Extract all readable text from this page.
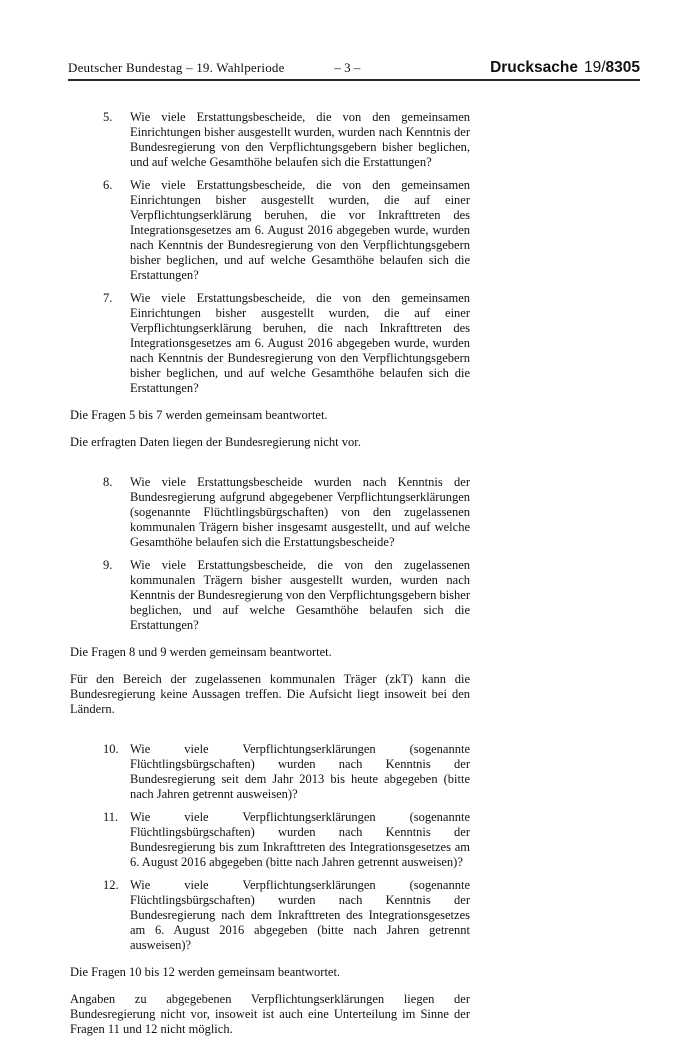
Deutscher Bundestag – 19. Wahlperiode	– 3 –	Drucksache 19/8305
5.	Wie viele Erstattungsbescheide, die von den gemeinsamen Einrichtungen bisher ausgestellt wurden, wurden nach Kenntnis der Bundesregierung von den Verpflichtungsgebern bisher beglichen, und auf welche Gesamthöhe belaufen sich die Erstattungen?

6.	Wie viele Erstattungsbescheide, die von den gemeinsamen Einrichtungen bisher ausgestellt wurden, die auf einer Verpflichtungserklärung beruhen, die vor Inkrafttreten des Integrationsgesetzes am 6. August 2016 abgegeben wurde, wurden nach Kenntnis der Bundesregierung von den Verpflichtungsgebern bisher beglichen, und auf welche Gesamthöhe belaufen sich die Erstattungen?

7.	Wie viele Erstattungsbescheide, die von den gemeinsamen Einrichtungen bisher ausgestellt wurden, die auf einer Verpflichtungserklärung beruhen, die nach Inkrafttreten des Integrationsgesetzes am 6. August 2016 abgegeben wurde, wurden nach Kenntnis der Bundesregierung von den Verpflichtungsgebern bisher beglichen, und auf welche Gesamthöhe belaufen sich die Erstattungen?

Die Fragen 5 bis 7 werden gemeinsam beantwortet.

Die erfragten Daten liegen der Bundesregierung nicht vor.

8.	Wie viele Erstattungsbescheide wurden nach Kenntnis der Bundesregierung aufgrund abgegebener Verpflichtungserklärungen (sogenannte Flüchtlingsbürgschaften) von den zugelassenen kommunalen Trägern bisher insgesamt ausgestellt, und auf welche Gesamthöhe belaufen sich die Erstattungsbescheide?

9.	Wie viele Erstattungsbescheide, die von den zugelassenen kommunalen Trägern bisher ausgestellt wurden, wurden nach Kenntnis der Bundesregierung von den Verpflichtungsgebern bisher beglichen, und auf welche Gesamthöhe belaufen sich die Erstattungen?

Die Fragen 8 und 9 werden gemeinsam beantwortet.

Für den Bereich der zugelassenen kommunalen Träger (zkT) kann die Bundesregierung keine Aussagen treffen. Die Aufsicht liegt insoweit bei den Ländern.

10. Wie viele Verpflichtungserklärungen (sogenannte Flüchtlingsbürgschaften) wurden nach Kenntnis der Bundesregierung seit dem Jahr 2013 bis heute abgegeben (bitte nach Jahren getrennt ausweisen)?

11. Wie viele Verpflichtungserklärungen (sogenannte Flüchtlingsbürgschaften) wurden nach Kenntnis der Bundesregierung bis zum Inkrafttreten des Integrationsgesetzes am 6. August 2016 abgegeben (bitte nach Jahren getrennt ausweisen)?

12. Wie viele Verpflichtungserklärungen (sogenannte Flüchtlingsbürgschaften) wurden nach Kenntnis der Bundesregierung nach dem Inkrafttreten des Integrationsgesetzes am 6. August 2016 abgegeben (bitte nach Jahren getrennt ausweisen)?

Die Fragen 10 bis 12 werden gemeinsam beantwortet.

Angaben zu abgegebenen Verpflichtungserklärungen liegen der Bundesregierung nicht vor, insoweit ist auch eine Unterteilung im Sinne der Fragen 11 und 12 nicht möglich.
